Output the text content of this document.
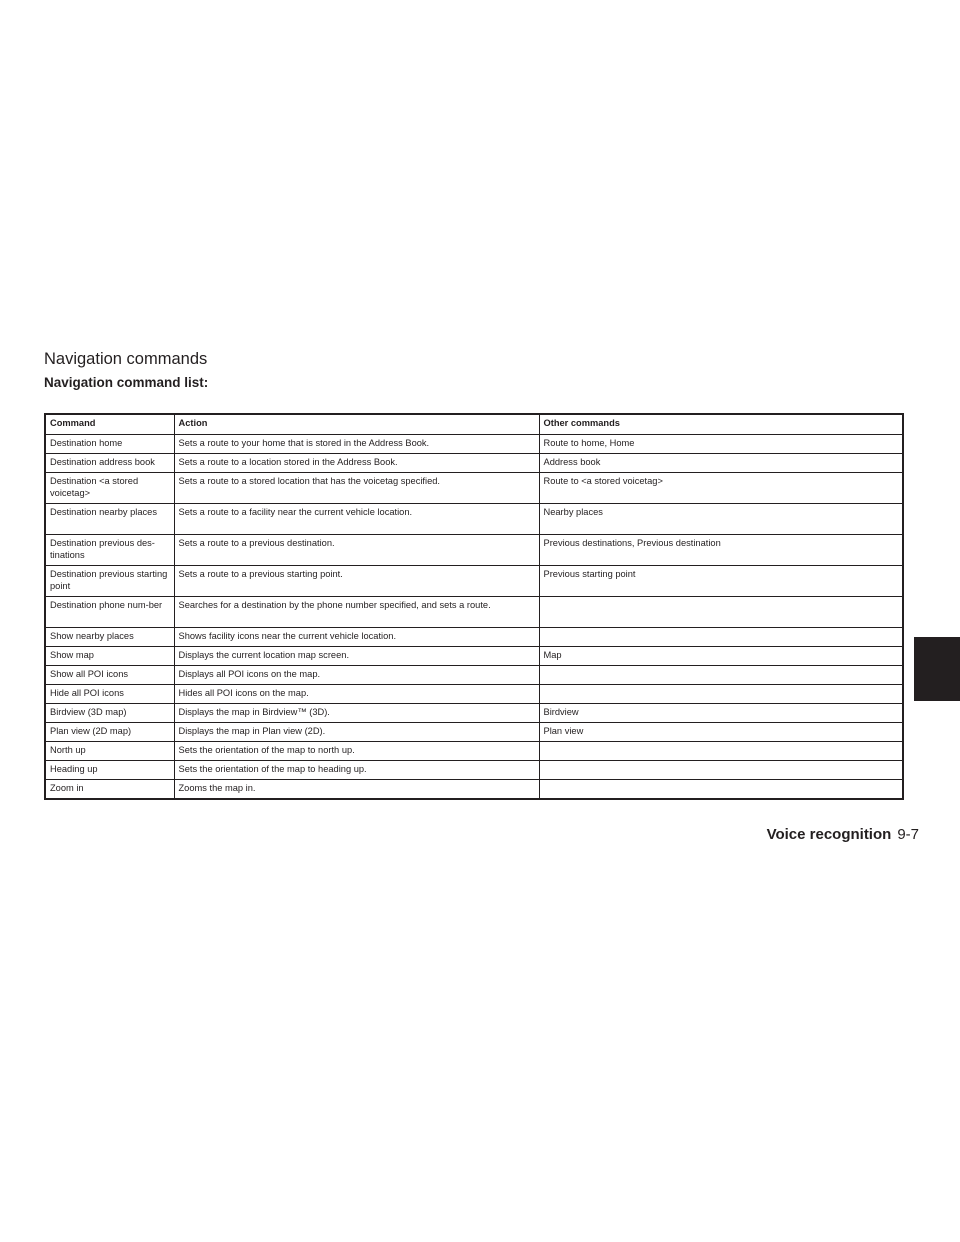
Navigation commands
Navigation command list:
Command	Action	Other commands
Destination home	Sets a route to your home that is stored in the Address Book.	Route to home, Home
Destination address book	Sets a route to a location stored in the Address Book.	Address book
Destination <a stored voicetag>	Sets a route to a stored location that has the voicetag specified.	Route to <a stored voicetag>
Destination nearby places	Sets a route to a facility near the current vehicle location.	Nearby places
Destination previous des-tinations	Sets a route to a previous destination.	Previous destinations, Previous destination
Destination previous starting point	Sets a route to a previous starting point.	Previous starting point
Destination phone num-ber	Searches for a destination by the phone number specified, and sets a route.	
Show nearby places	Shows facility icons near the current vehicle location.	
Show map	Displays the current location map screen.	Map
Show all POI icons	Displays all POI icons on the map.	
Hide all POI icons	Hides all POI icons on the map.	
Birdview (3D map)	Displays the map in Birdview™ (3D).	Birdview
Plan view (2D map)	Displays the map in Plan view (2D).	Plan view
North up	Sets the orientation of the map to north up.	
Heading up	Sets the orientation of the map to heading up.	
Zoom in	Zooms the map in.	
Voice recognition 9-7
